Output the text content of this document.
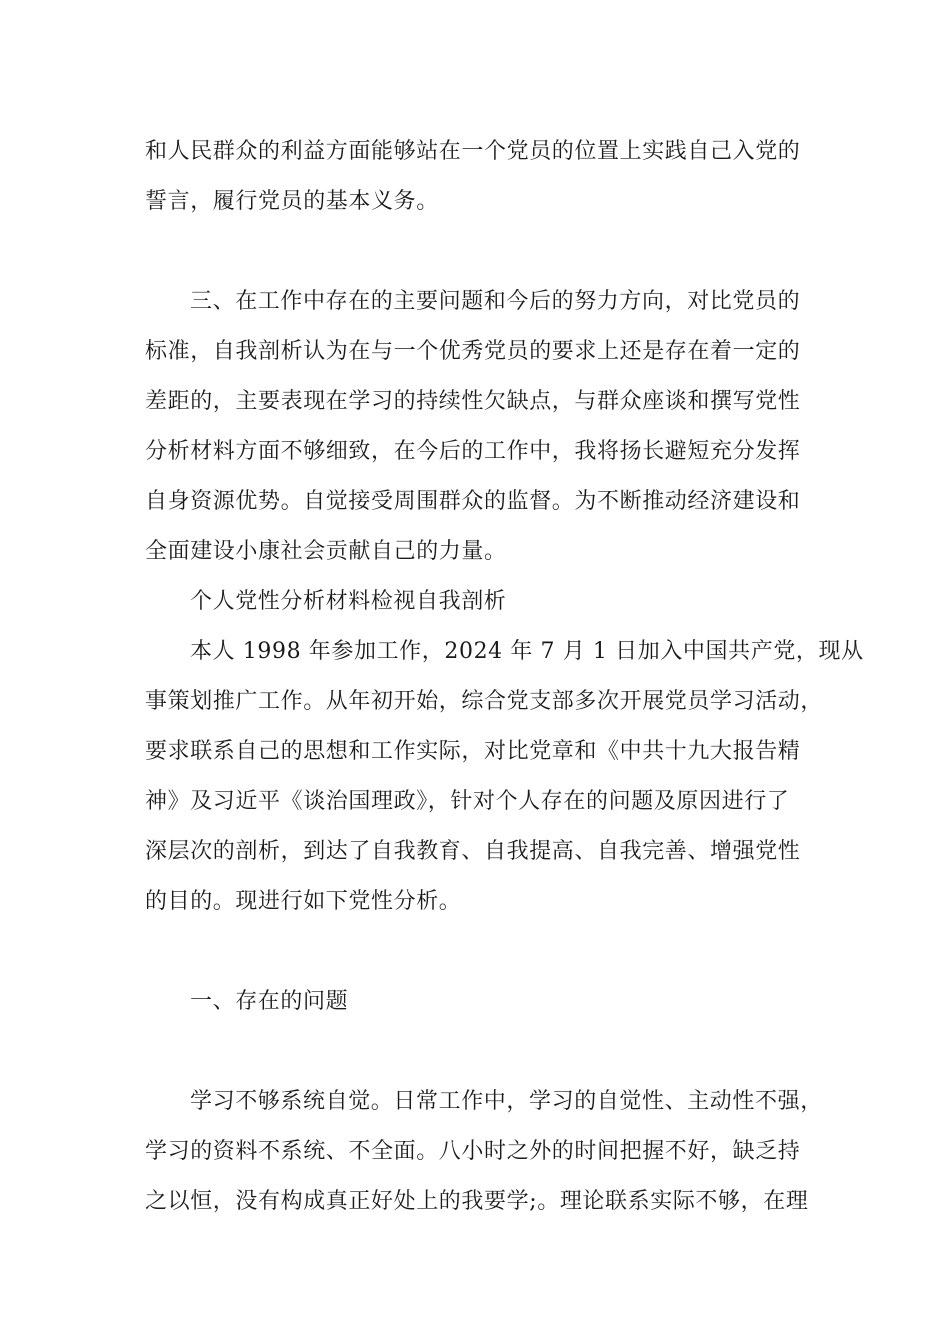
和人民群众的利益方面能够站在一个党员的位置上实践自己入党的
誓言，履行党员的基本义务。
三、在工作中存在的主要问题和今后的努力方向，对比党员的
标准，自我剖析认为在与一个优秀党员的要求上还是存在着一定的
差距的，主要表现在学习的持续性欠缺点，与群众座谈和撰写党性
分析材料方面不够细致，在今后的工作中，我将扬长避短充分发挥
自身资源优势。自觉接受周围群众的监督。为不断推动经济建设和
全面建设小康社会贡献自己的力量。
个人党性分析材料检视自我剖析
本人 1998 年参加工作，2024 年 7 月 1 日加入中国共产党，现从
事策划推广工作。从年初开始，综合党支部多次开展党员学习活动，
要求联系自己的思想和工作实际，对比党章和《中共十九大报告精
神》及习近平《谈治国理政》，针对个人存在的问题及原因进行了
深层次的剖析，到达了自我教育、自我提高、自我完善、增强党性
的目的。现进行如下党性分析。
一、存在的问题
学习不够系统自觉。日常工作中，学习的自觉性、主动性不强，
学习的资料不系统、不全面。八小时之外的时间把握不好，缺乏持
之以恒，没有构成真正好处上的我要学;。理论联系实际不够，在理
